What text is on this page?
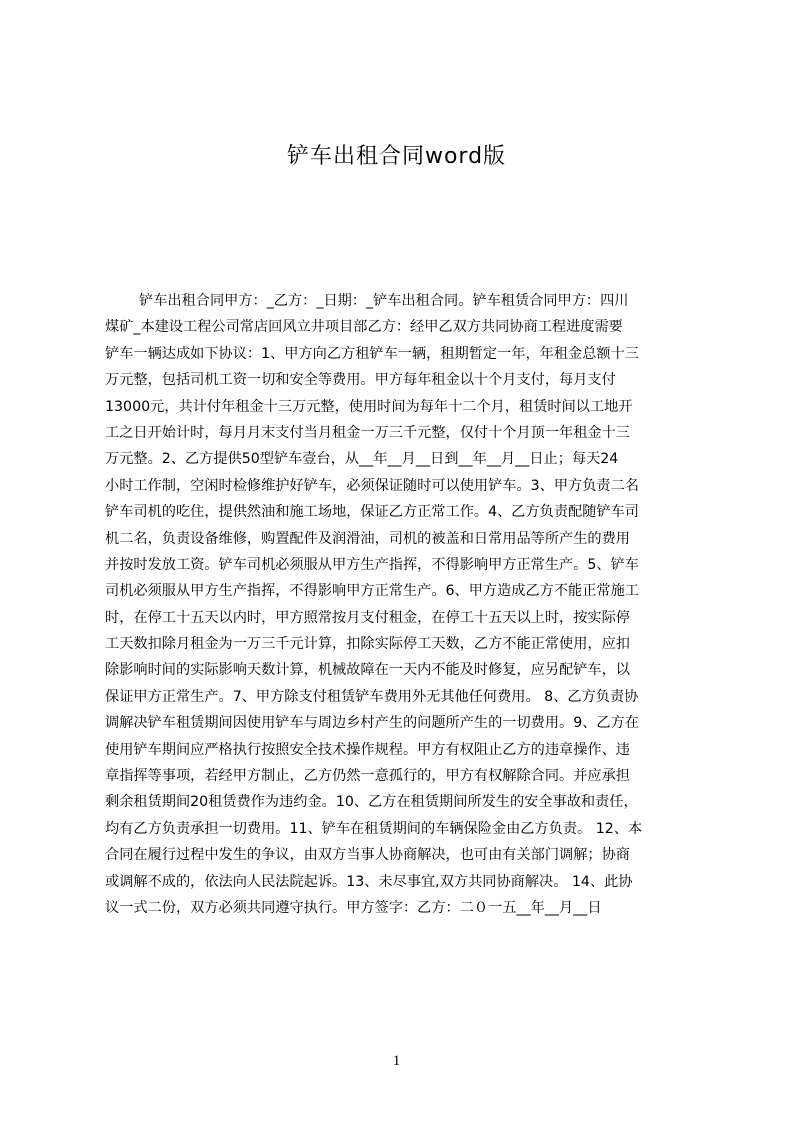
铲车出租合同word版
铲车出租合同甲方：_乙方：_日期：_铲车出租合同。铲车租赁合同甲方：四川
煤矿_本建设工程公司常店回风立井项目部乙方：经甲乙双方共同协商工程进度需要
铲车一辆达成如下协议：1、甲方向乙方租铲车一辆，租期暂定一年，年租金总额十三
万元整，包括司机工资一切和安全等费用。甲方每年租金以十个月支付，每月支付
13000元，共计付年租金十三万元整，使用时间为每年十二个月，租赁时间以工地开
工之日开始计时，每月月末支付当月租金一万三千元整，仅付十个月顶一年租金十三
万元整。2、乙方提供50型铲车壹台，从__年__月__日到__年__月__日止；每天24
小时工作制，空闲时检修维护好铲车，必须保证随时可以使用铲车。3、甲方负责二名
铲车司机的吃住，提供然油和施工场地，保证乙方正常工作。4、乙方负责配随铲车司
机二名，负责设备维修，购置配件及润滑油，司机的被盖和日常用品等所产生的费用
并按时发放工资。铲车司机必须服从甲方生产指挥，不得影响甲方正常生产。5、铲车
司机必须服从甲方生产指挥，不得影响甲方正常生产。6、甲方造成乙方不能正常施工
时，在停工十五天以内时，甲方照常按月支付租金，在停工十五天以上时，按实际停
工天数扣除月租金为一万三千元计算，扣除实际停工天数，乙方不能正常使用，应扣
除影响时间的实际影响天数计算，机械故障在一天内不能及时修复，应另配铲车，以
保证甲方正常生产。7、甲方除支付租赁铲车费用外无其他任何费用。 8、乙方负责协
调解决铲车租赁期间因使用铲车与周边乡村产生的问题所产生的一切费用。9、乙方在
使用铲车期间应严格执行按照安全技术操作规程。甲方有权阻止乙方的违章操作、违
章指挥等事项，若经甲方制止，乙方仍然一意孤行的，甲方有权解除合同。并应承担
剩余租赁期间20租赁费作为违约金。10、乙方在租赁期间所发生的安全事故和责任，
均有乙方负责承担一切费用。11、铲车在租赁期间的车辆保险金由乙方负责。 12、本
合同在履行过程中发生的争议，由双方当事人协商解决，也可由有关部门调解；协商
或调解不成的，依法向人民法院起诉。13、未尽事宜,双方共同协商解决。 14、此协
议一式二份，双方必须共同遵守执行。甲方签字：乙方：二０一五__年__月__日
1
